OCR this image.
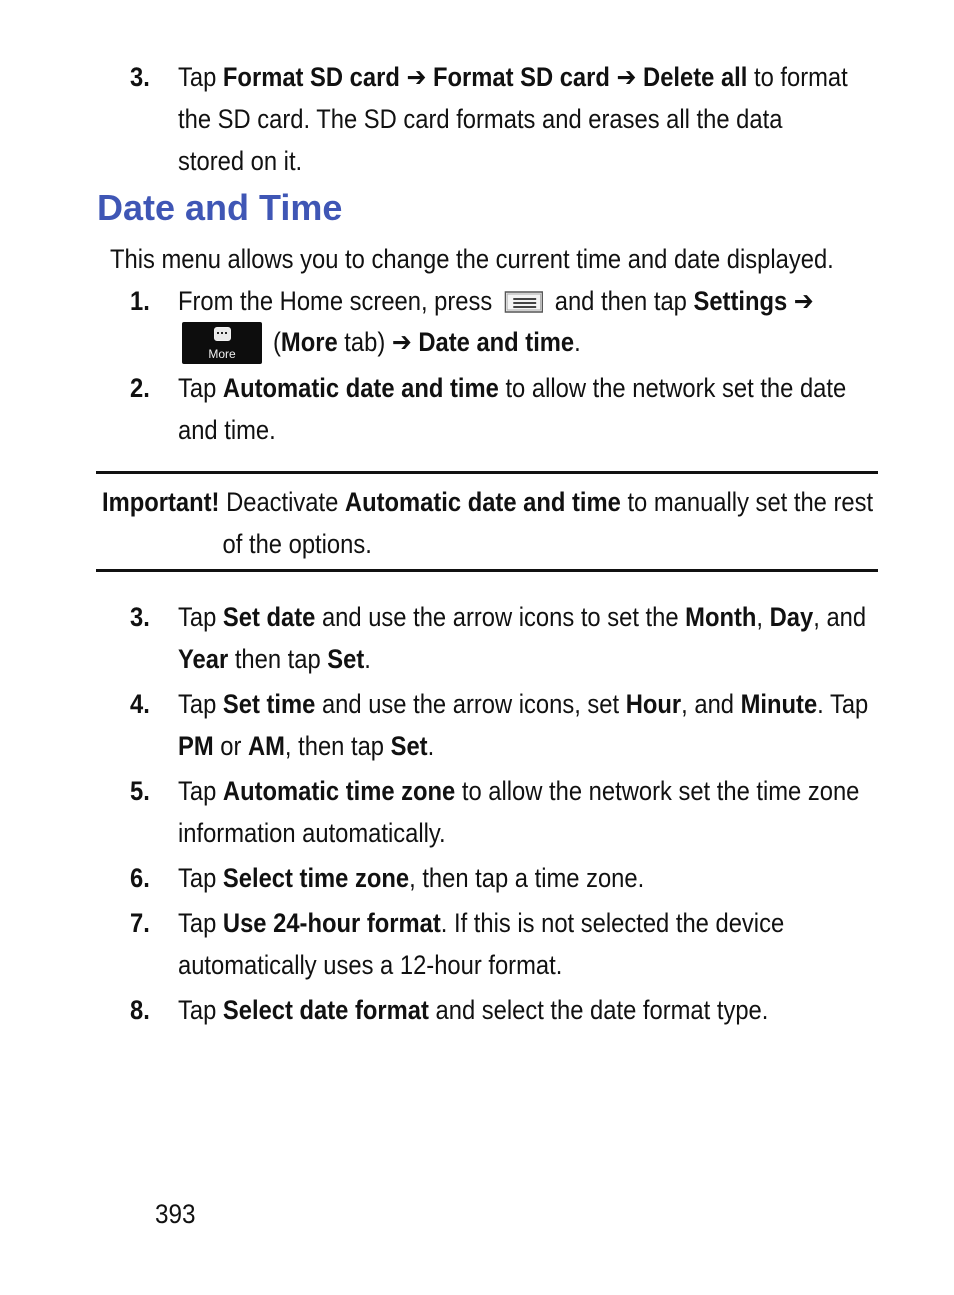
3. Tap Format SD card ➔ Format SD card ➔ Delete all to format
the SD card. The SD card formats and erases all the data
stored on it.
Date and Time
This menu allows you to change the current time and date displayed.
1. From the Home screen, press  and then tap Settings ➔
More	(More tab) ➔ Date and time.
2. Tap Automatic date and time to allow the network set the date
and time.
Important! Deactivate Automatic date and time to manually set the rest
of the options.
3. Tap Set date and use the arrow icons to set the Month, Day, and
Year then tap Set.
4. Tap Set time and use the arrow icons, set Hour, and Minute. Tap
PM or AM, then tap Set.
5. Tap Automatic time zone to allow the network set the time zone
information automatically.
6. Tap Select time zone, then tap a time zone.
7. Tap Use 24-hour format. If this is not selected the device
automatically uses a 12-hour format.
8. Tap Select date format and select the date format type.
393
